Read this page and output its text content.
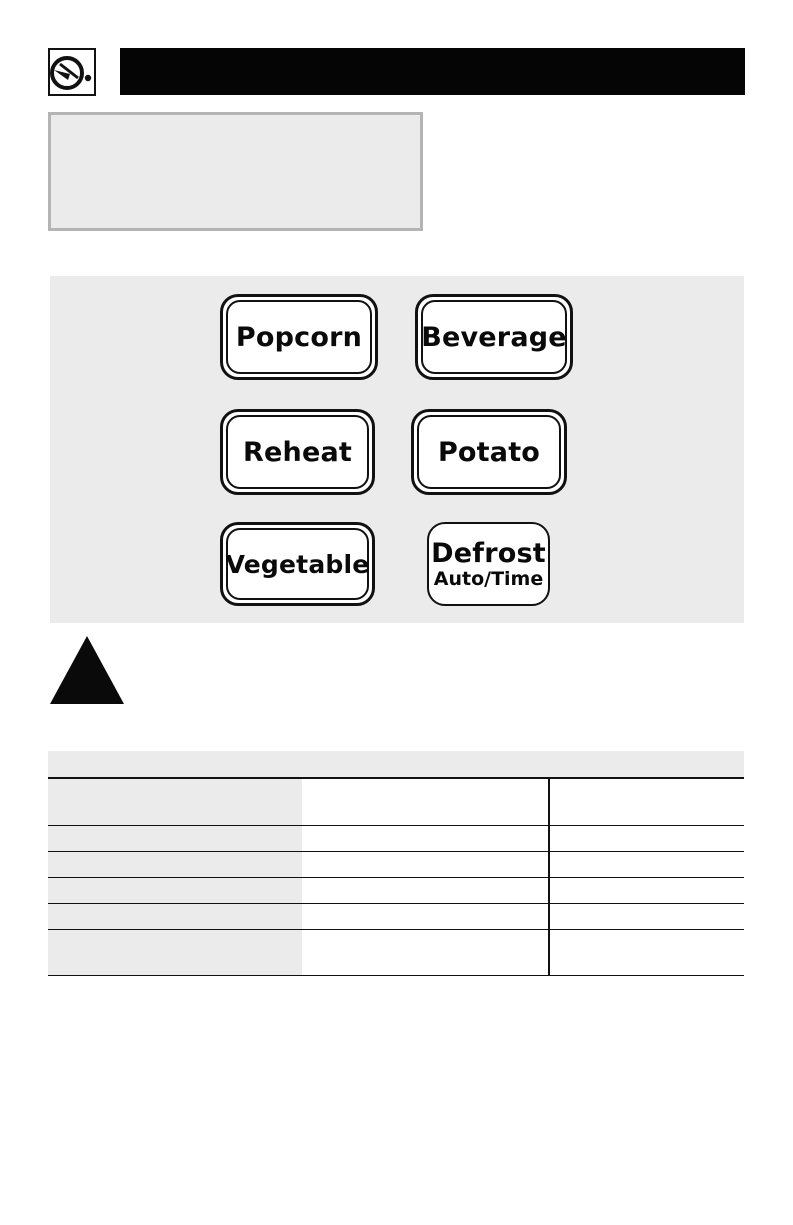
Popcorn Beverage
Reheat	Potato
Vegetable Defrost
Auto/Time
